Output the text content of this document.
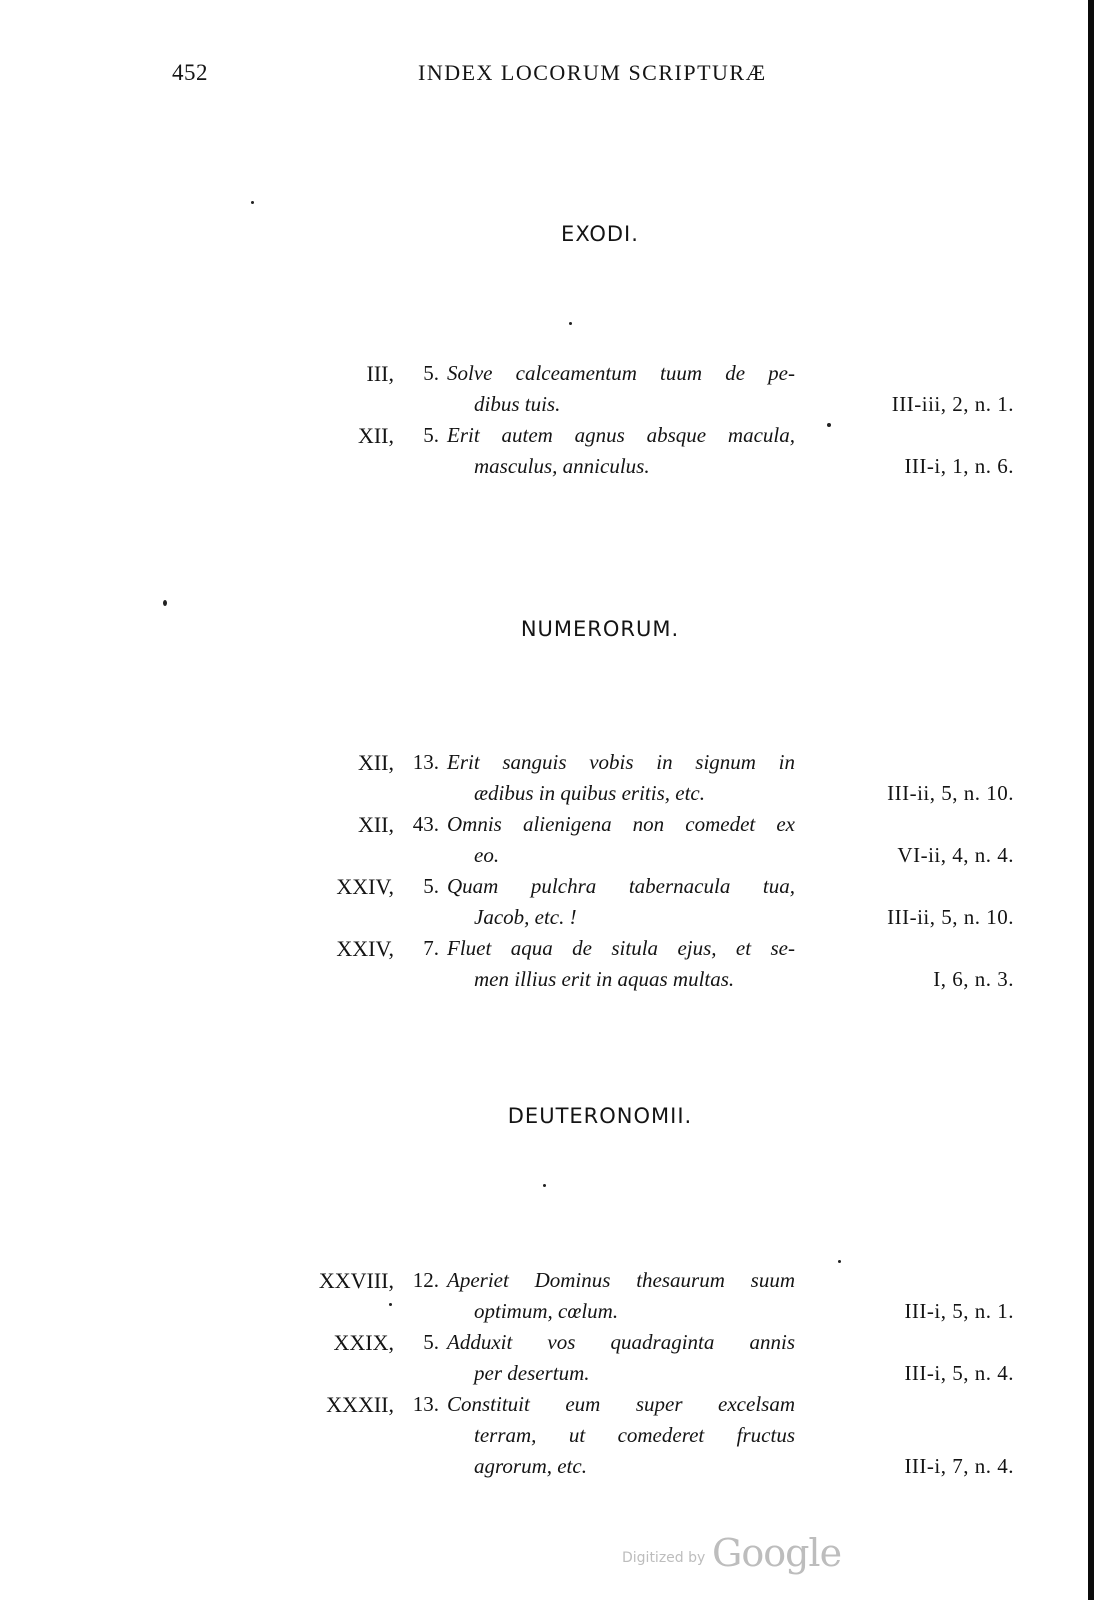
452	INDEX LOCORUM SCRIPTURÆ
EXODI.
III, 5. Solve calceamentum tuum de pe-
dibus tuis.	III-iii, 2, n. 1.
XII, 5. Erit autem agnus absque macula,
masculus, anniculus.	III-i, 1, n. 6.
NUMERORUM.
XII, 13. Erit sanguis vobis in signum in
ædibus in quibus eritis, etc.	III-ii, 5, n. 10.
XII, 43. Omnis alienigena non comedet ex
eo.	VI-ii, 4, n. 4.
XXIV, 5. Quam pulchra tabernacula tua,
Jacob, etc. !	III-ii, 5, n. 10.
XXIV, 7. Fluet aqua de situla ejus, et se-
men illius erit in aquas multas.	I, 6, n. 3.
DEUTERONOMII.
XXVIII, 12. Aperiet Dominus thesaurum suum
optimum, cœlum.	III-i, 5, n. 1.
XXIX, 5. Adduxit vos quadraginta annis
per desertum.	III-i, 5, n. 4.
XXXII, 13. Constituit eum super excelsam
terram, ut comederet fructus
agrorum, etc.	III-i, 7, n. 4.
Digitized by Google
